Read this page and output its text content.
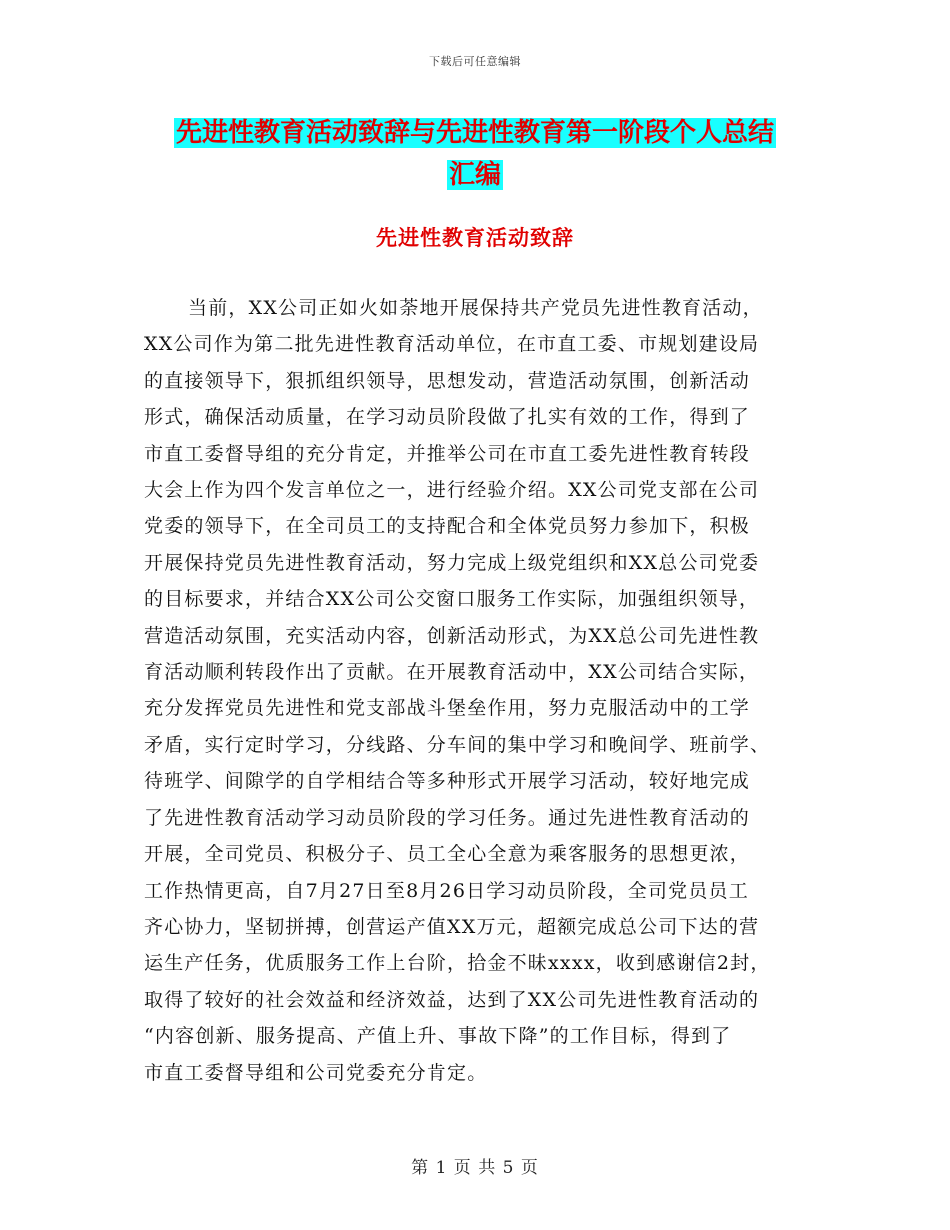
下载后可任意编辑
先进性教育活动致辞与先进性教育第一阶段个人总结
汇编
先进性教育活动致辞
当前，XX公司正如火如荼地开展保持共产党员先进性教育活动，
XX公司作为第二批先进性教育活动单位，在市直工委、市规划建设局
的直接领导下，狠抓组织领导，思想发动，营造活动氛围，创新活动
形式，确保活动质量，在学习动员阶段做了扎实有效的工作，得到了
市直工委督导组的充分肯定，并推举公司在市直工委先进性教育转段
大会上作为四个发言单位之一，进行经验介绍。XX公司党支部在公司
党委的领导下，在全司员工的支持配合和全体党员努力参加下，积极
开展保持党员先进性教育活动，努力完成上级党组织和XX总公司党委
的目标要求，并结合XX公司公交窗口服务工作实际，加强组织领导，
营造活动氛围，充实活动内容，创新活动形式，为XX总公司先进性教
育活动顺利转段作出了贡献。在开展教育活动中，XX公司结合实际，
充分发挥党员先进性和党支部战斗堡垒作用，努力克服活动中的工学
矛盾，实行定时学习，分线路、分车间的集中学习和晚间学、班前学、
待班学、间隙学的自学相结合等多种形式开展学习活动，较好地完成
了先进性教育活动学习动员阶段的学习任务。通过先进性教育活动的
开展，全司党员、积极分子、员工全心全意为乘客服务的思想更浓，
工作热情更高，自7月27日至8月26日学习动员阶段，全司党员员工
齐心协力，坚韧拼搏，创营运产值XX万元，超额完成总公司下达的营
运生产任务，优质服务工作上台阶，拾金不昧xxxx，收到感谢信2封，
取得了较好的社会效益和经济效益，达到了XX公司先进性教育活动的
“内容创新、服务提高、产值上升、事故下降”的工作目标，得到了
市直工委督导组和公司党委充分肯定。
第 1 页 共 5 页
